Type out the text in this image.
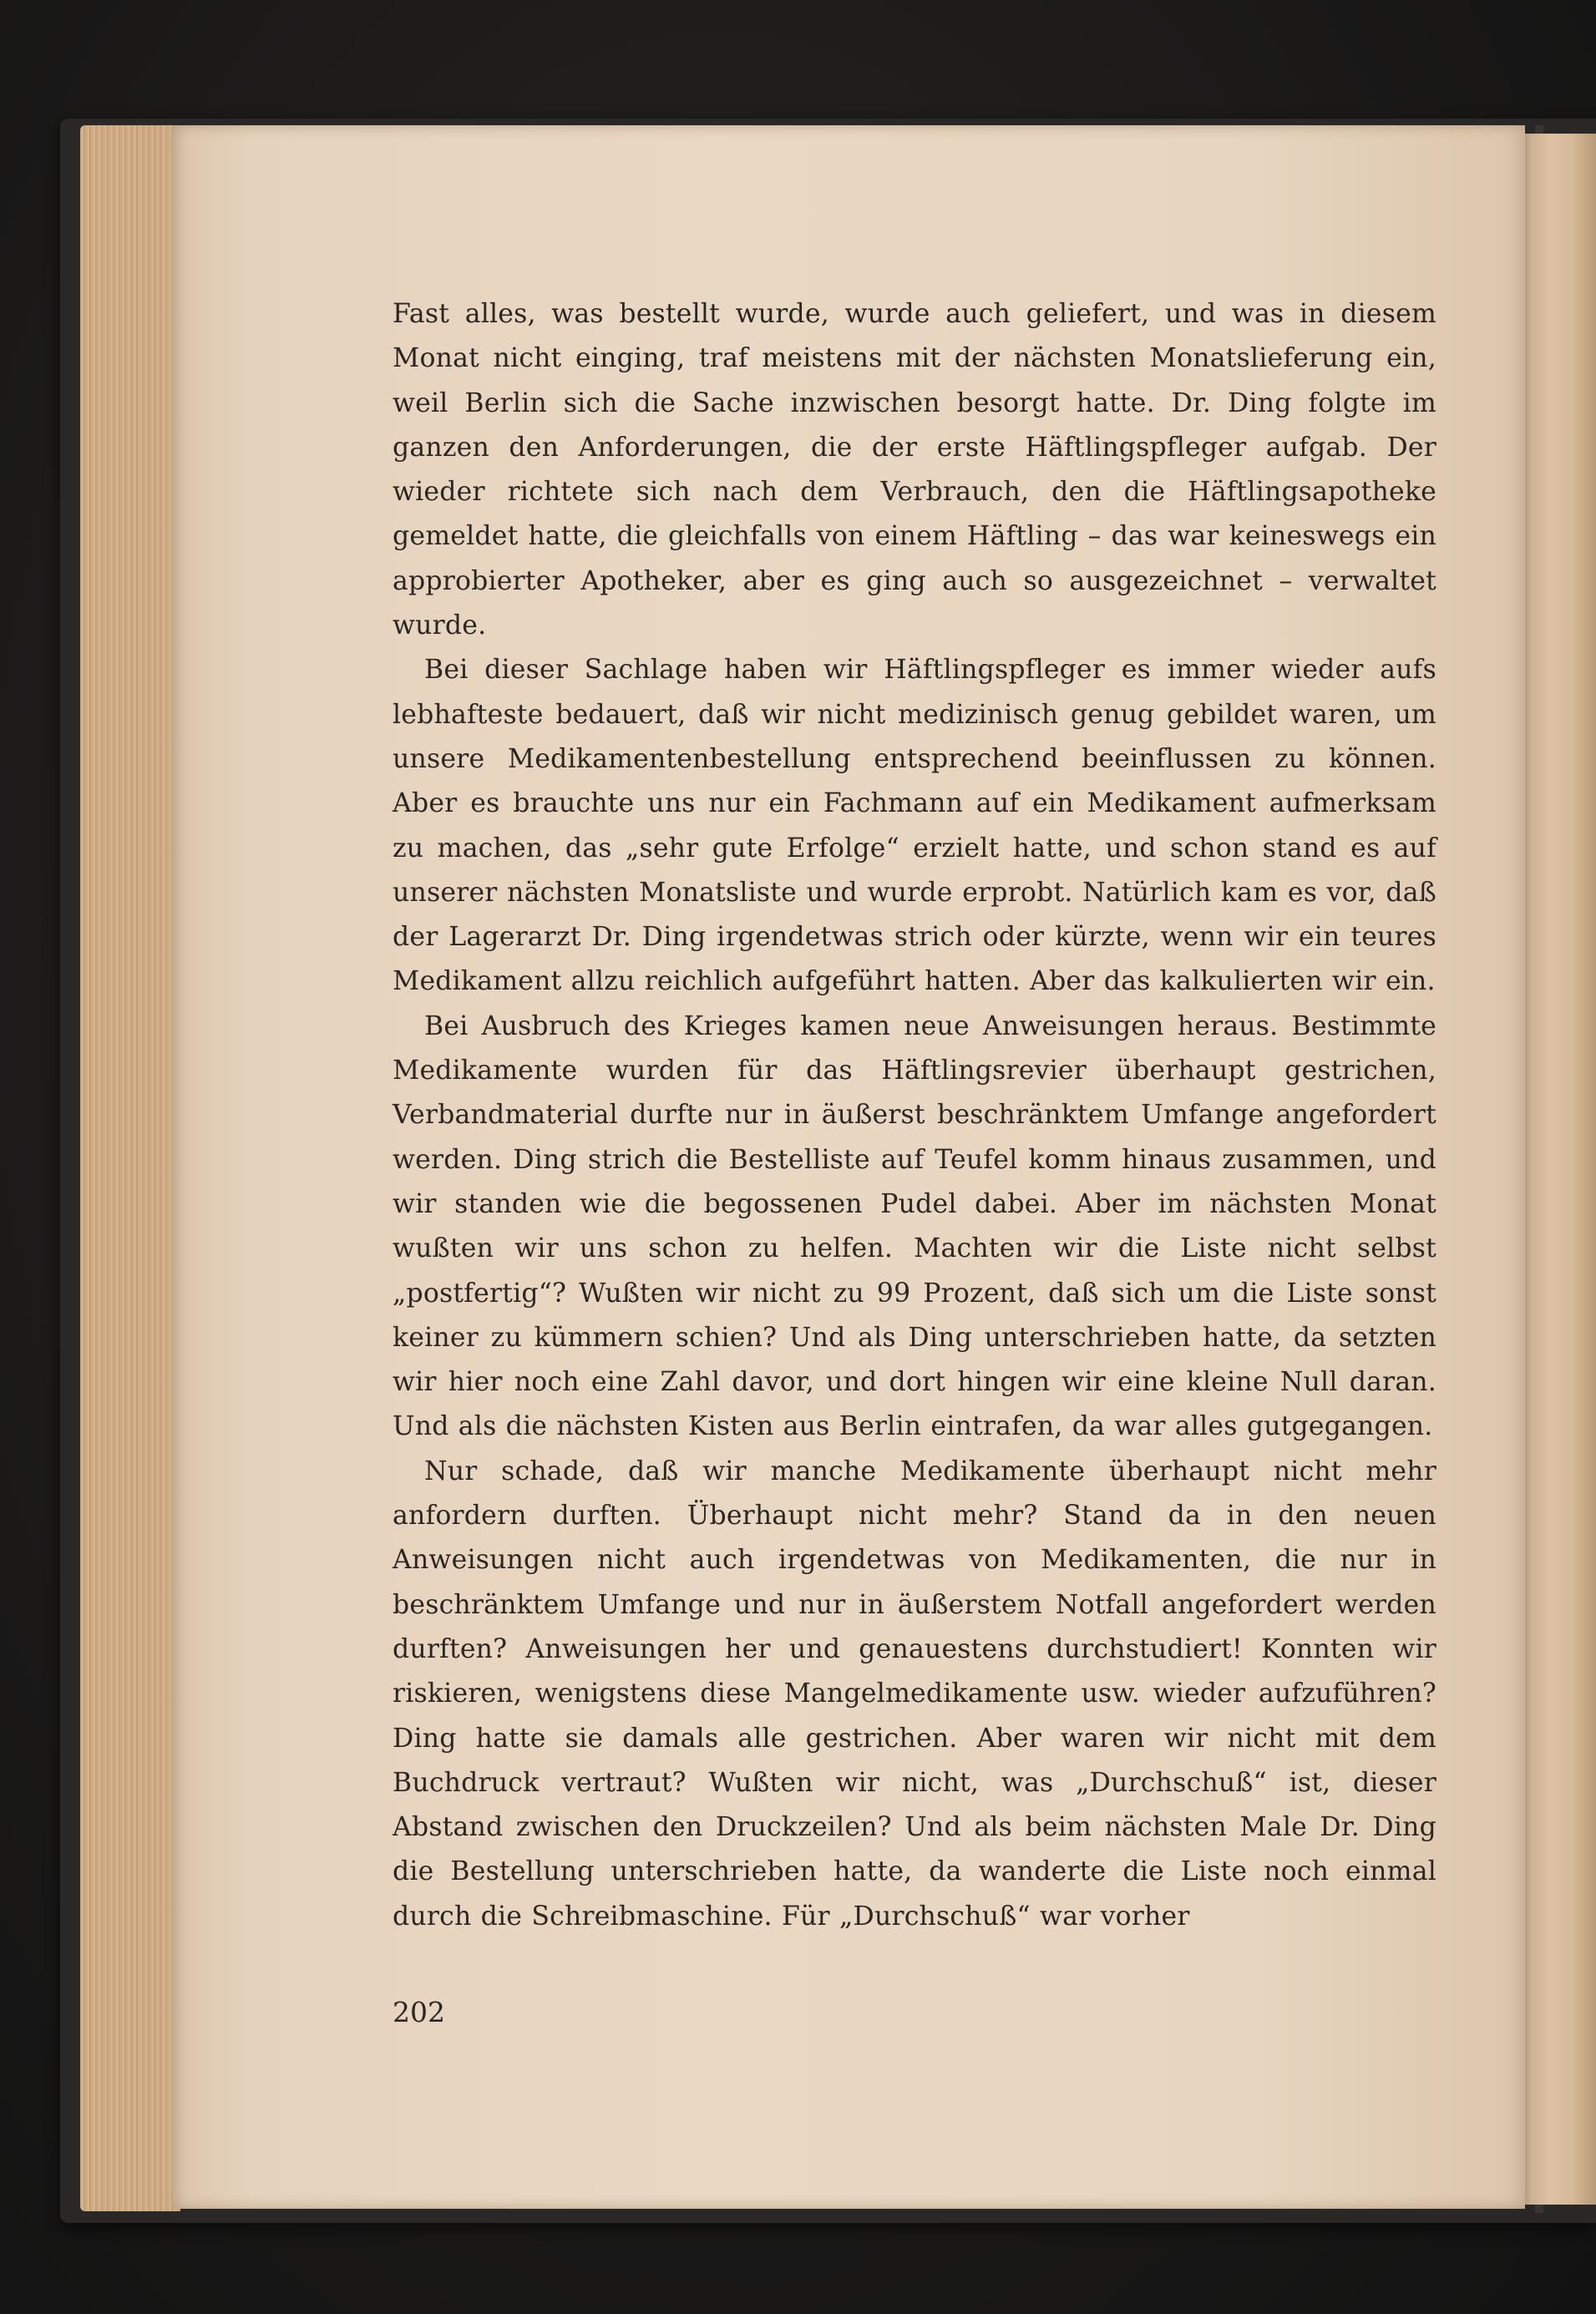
Fast alles, was bestellt wurde, wurde auch geliefert, und was in diesem Monat nicht einging, traf meistens mit der nächsten Monatslieferung ein, weil Berlin sich die Sache inzwischen besorgt hatte. Dr. Ding folgte im ganzen den Anforderungen, die der erste Häftlingspfleger aufgab. Der wieder richtete sich nach dem Verbrauch, den die Häftlingsapotheke gemeldet hatte, die gleichfalls von einem Häftling – das war keineswegs ein approbierter Apotheker, aber es ging auch so ausgezeichnet – verwaltet wurde.

Bei dieser Sachlage haben wir Häftlingspfleger es immer wieder aufs lebhafteste bedauert, daß wir nicht medizinisch genug gebildet waren, um unsere Medikamentenbestellung entsprechend beeinflussen zu können. Aber es brauchte uns nur ein Fachmann auf ein Medikament aufmerksam zu machen, das „sehr gute Erfolge“ erzielt hatte, und schon stand es auf unserer nächsten Monatsliste und wurde erprobt. Natürlich kam es vor, daß der Lagerarzt Dr. Ding irgendetwas strich oder kürzte, wenn wir ein teures Medikament allzu reichlich aufgeführt hatten. Aber das kalkulierten wir ein.

Bei Ausbruch des Krieges kamen neue Anweisungen heraus. Bestimmte Medikamente wurden für das Häftlingsrevier überhaupt gestrichen, Verbandmaterial durfte nur in äußerst beschränktem Umfange angefordert werden. Ding strich die Bestelliste auf Teufel komm hinaus zusammen, und wir standen wie die begossenen Pudel dabei. Aber im nächsten Monat wußten wir uns schon zu helfen. Machten wir die Liste nicht selbst „postfertig“? Wußten wir nicht zu 99 Prozent, daß sich um die Liste sonst keiner zu kümmern schien? Und als Ding unterschrieben hatte, da setzten wir hier noch eine Zahl davor, und dort hingen wir eine kleine Null daran. Und als die nächsten Kisten aus Berlin eintrafen, da war alles gutgegangen.

Nur schade, daß wir manche Medikamente überhaupt nicht mehr anfordern durften. Überhaupt nicht mehr? Stand da in den neuen Anweisungen nicht auch irgendetwas von Medikamenten, die nur in beschränktem Umfange und nur in äußerstem Notfall angefordert werden durften? Anweisungen her und genauestens durchstudiert! Konnten wir riskieren, wenigstens diese Mangelmedikamente usw. wieder aufzuführen? Ding hatte sie damals alle gestrichen. Aber waren wir nicht mit dem Buchdruck vertraut? Wußten wir nicht, was „Durchschuß“ ist, dieser Abstand zwischen den Druckzeilen? Und als beim nächsten Male Dr. Ding die Bestellung unterschrieben hatte, da wanderte die Liste noch einmal durch die Schreibmaschine. Für „Durchschuß“ war vorher

202
